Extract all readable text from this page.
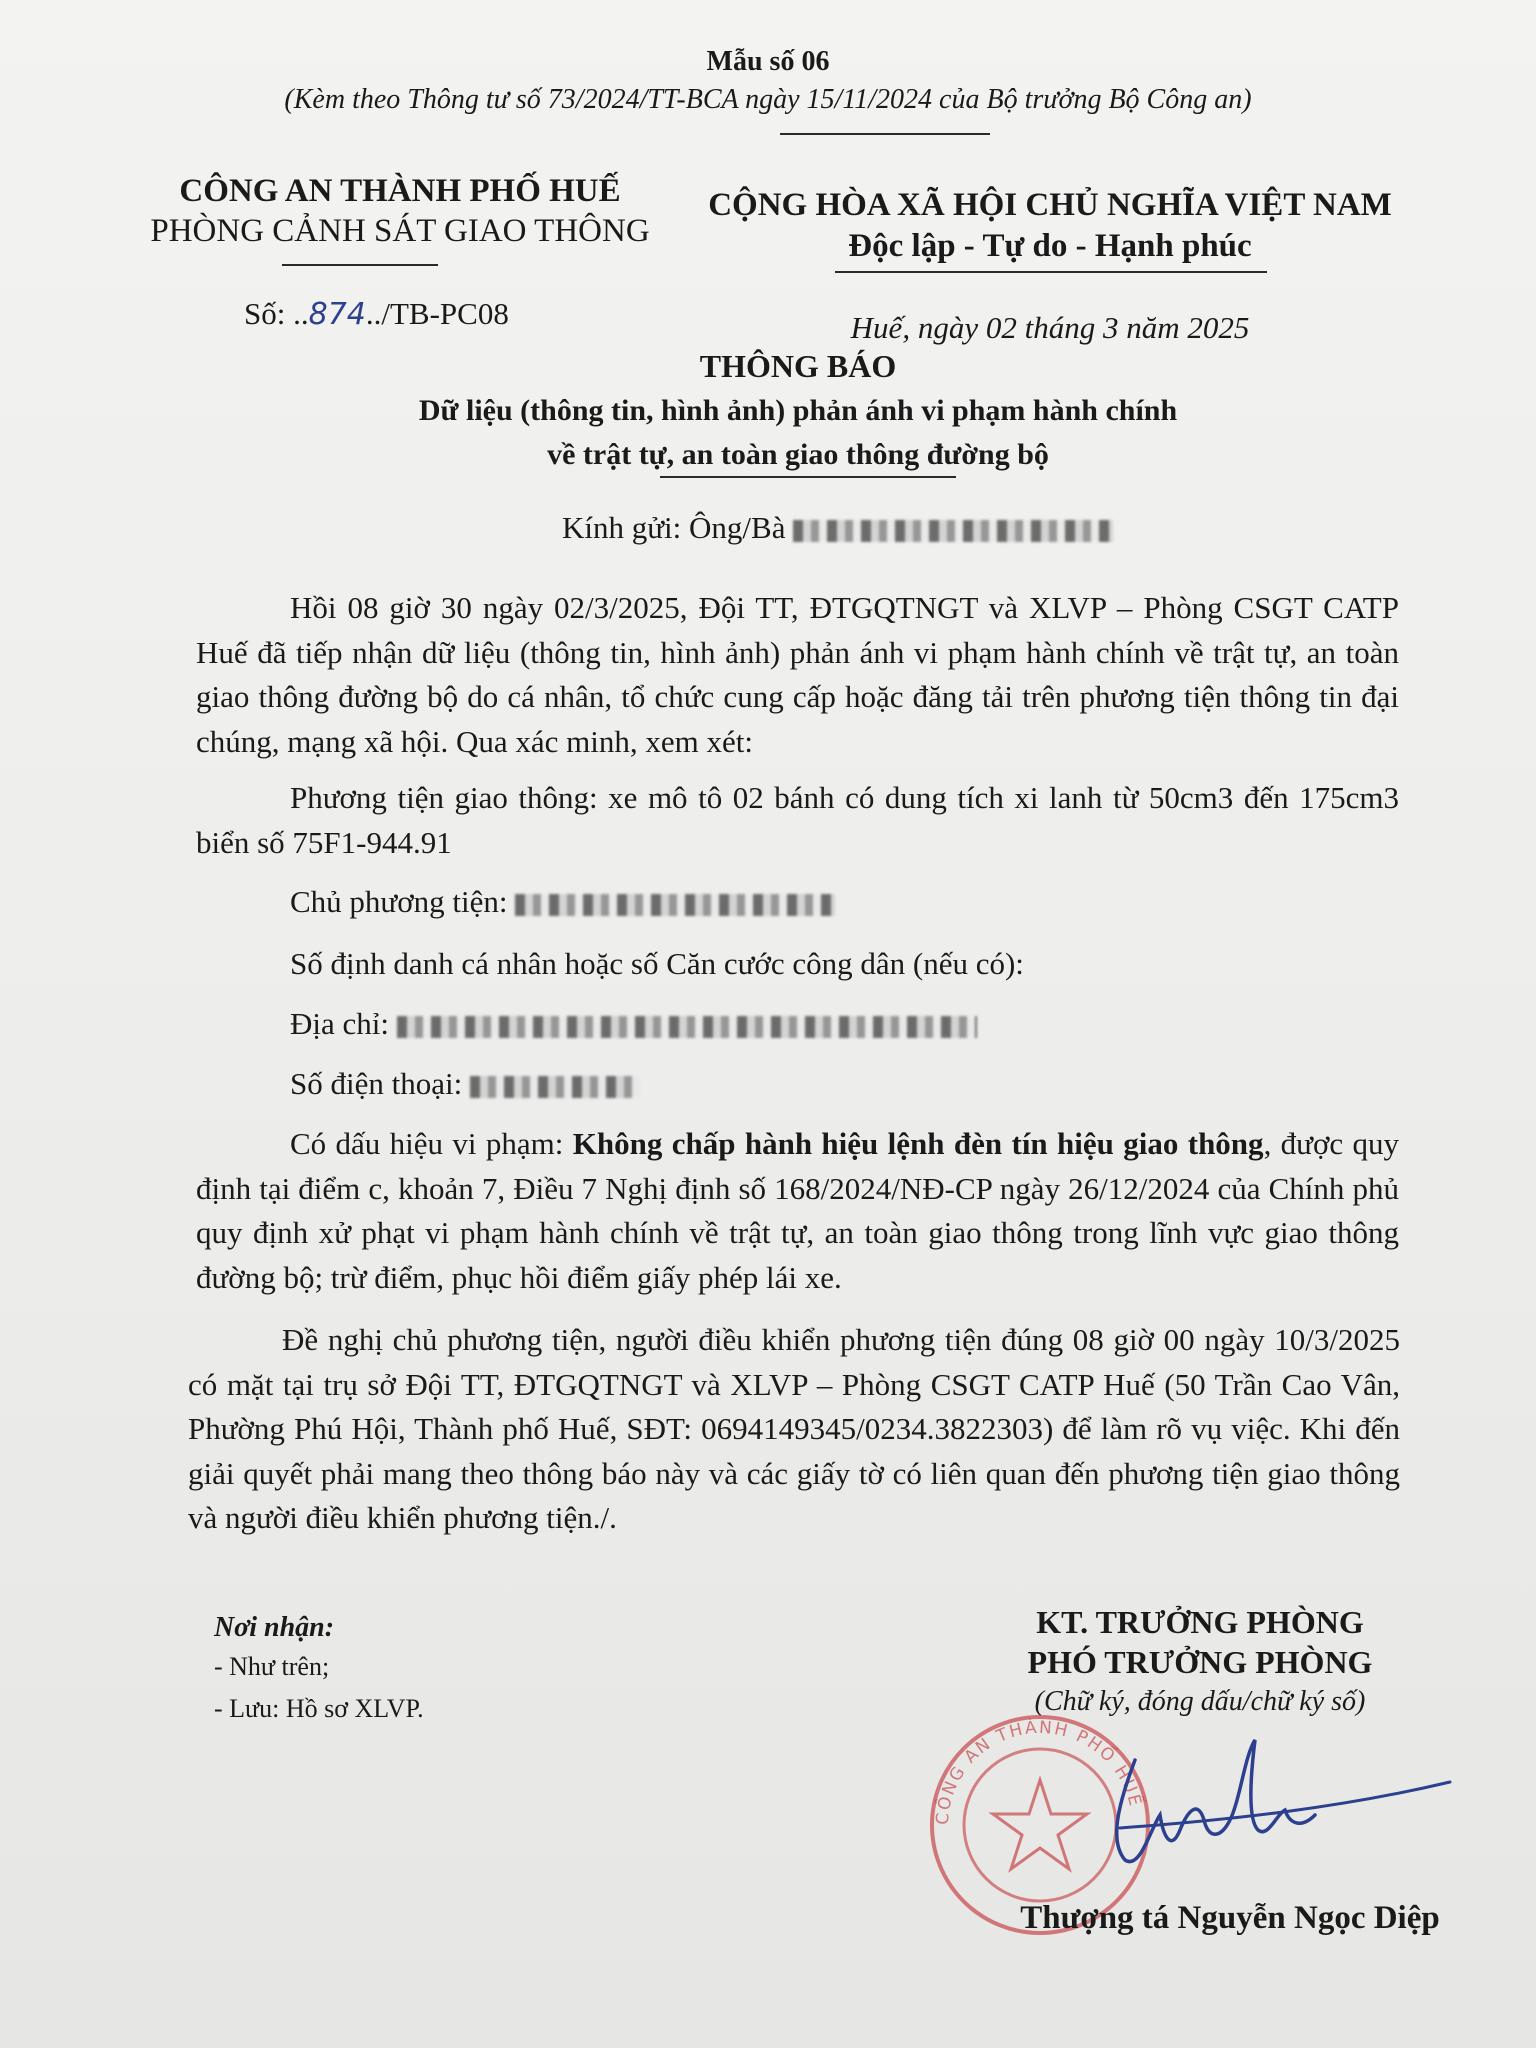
Mẫu số 06
(Kèm theo Thông tư số 73/2024/TT-BCA ngày 15/11/2024 của Bộ trưởng Bộ Công an)
CÔNG AN THÀNH PHỐ HUẾ
PHÒNG CẢNH SÁT GIAO THÔNG
Số: ..874../TB-PC08
CỘNG HÒA XÃ HỘI CHỦ NGHĨA VIỆT NAM
Độc lập - Tự do - Hạnh phúc
Huế, ngày 02 tháng 3 năm 2025
THÔNG BÁO
Dữ liệu (thông tin, hình ảnh) phản ánh vi phạm hành chính
về trật tự, an toàn giao thông đường bộ
Kính gửi: Ông/Bà
Hồi 08 giờ 30 ngày 02/3/2025, Đội TT, ĐTGQTNGT và XLVP – Phòng CSGT CATP Huế đã tiếp nhận dữ liệu (thông tin, hình ảnh) phản ánh vi phạm hành chính về trật tự, an toàn giao thông đường bộ do cá nhân, tổ chức cung cấp hoặc đăng tải trên phương tiện thông tin đại chúng, mạng xã hội. Qua xác minh, xem xét:
Phương tiện giao thông: xe mô tô 02 bánh có dung tích xi lanh từ 50cm3 đến 175cm3 biển số 75F1-944.91
Chủ phương tiện:
Số định danh cá nhân hoặc số Căn cước công dân (nếu có):
Địa chỉ:
Số điện thoại:
Có dấu hiệu vi phạm: Không chấp hành hiệu lệnh đèn tín hiệu giao thông, được quy định tại điểm c, khoản 7, Điều 7 Nghị định số 168/2024/NĐ-CP ngày 26/12/2024 của Chính phủ quy định xử phạt vi phạm hành chính về trật tự, an toàn giao thông trong lĩnh vực giao thông đường bộ; trừ điểm, phục hồi điểm giấy phép lái xe.
Đề nghị chủ phương tiện, người điều khiển phương tiện đúng 08 giờ 00 ngày 10/3/2025 có mặt tại trụ sở Đội TT, ĐTGQTNGT và XLVP – Phòng CSGT CATP Huế (50 Trần Cao Vân, Phường Phú Hội, Thành phố Huế, SĐT: 0694149345/0234.3822303) để làm rõ vụ việc. Khi đến giải quyết phải mang theo thông báo này và các giấy tờ có liên quan đến phương tiện giao thông và người điều khiển phương tiện./.
Nơi nhận:
- Như trên;
- Lưu: Hồ sơ XLVP.
KT. TRƯỞNG PHÒNG
PHÓ TRƯỞNG PHÒNG
(Chữ ký, đóng dấu/chữ ký số)
CÔNG AN THÀNH PHỐ HUẾ
Thượng tá Nguyễn Ngọc Diệp
